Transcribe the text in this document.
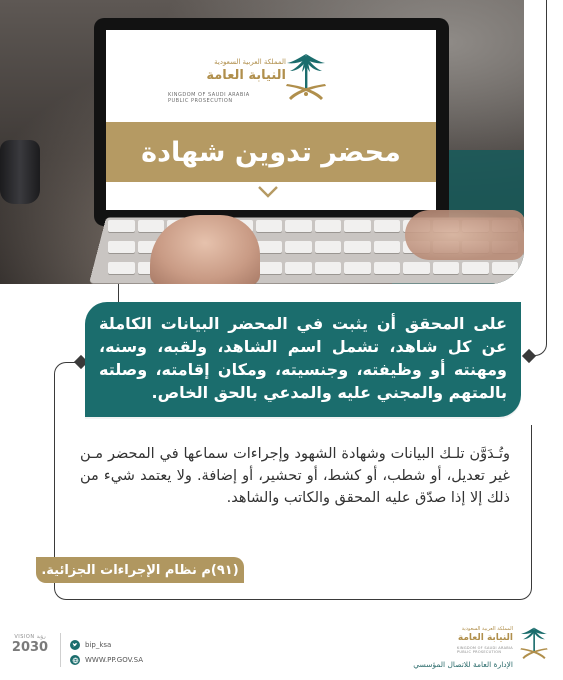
المملكة العربية السعودية
النيابة العامة
KINGDOM OF SAUDI ARABIA
PUBLIC PROSECUTION
محضر تدوين شهادة

على المحقق أن يثبت في المحضر البيانات الكاملة عن كل شاهد، تشمل اسم الشاهد، ولقبه، وسنه، ومهنته أو وظيفته، وجنسيته، ومكان إقامته، وصلته بالمتهم والمجني عليه والمدعي بالحق الخاص.

وتُـدَوَّن تلـك البيانات وشهادة الشهود وإجراءات سماعها في المحضر مـن غير تعديل، أو شطب، أو كشط، أو تحشير، أو إضافة. ولا يعتمد شيء من ذلك إلا إذا صدّق عليه المحقق والكاتب والشاهد.

(٩١)م نظام الإجراءات الجزائية.
VISION رؤية
2030	bip_ksa
WWW.PP.GOV.SA
المملكة العربية السعودية
النيابة العامة
KINGDOM OF SAUDI ARABIA
PUBLIC PROSECUTION
الإدارة العامة للاتصال المؤسسي
